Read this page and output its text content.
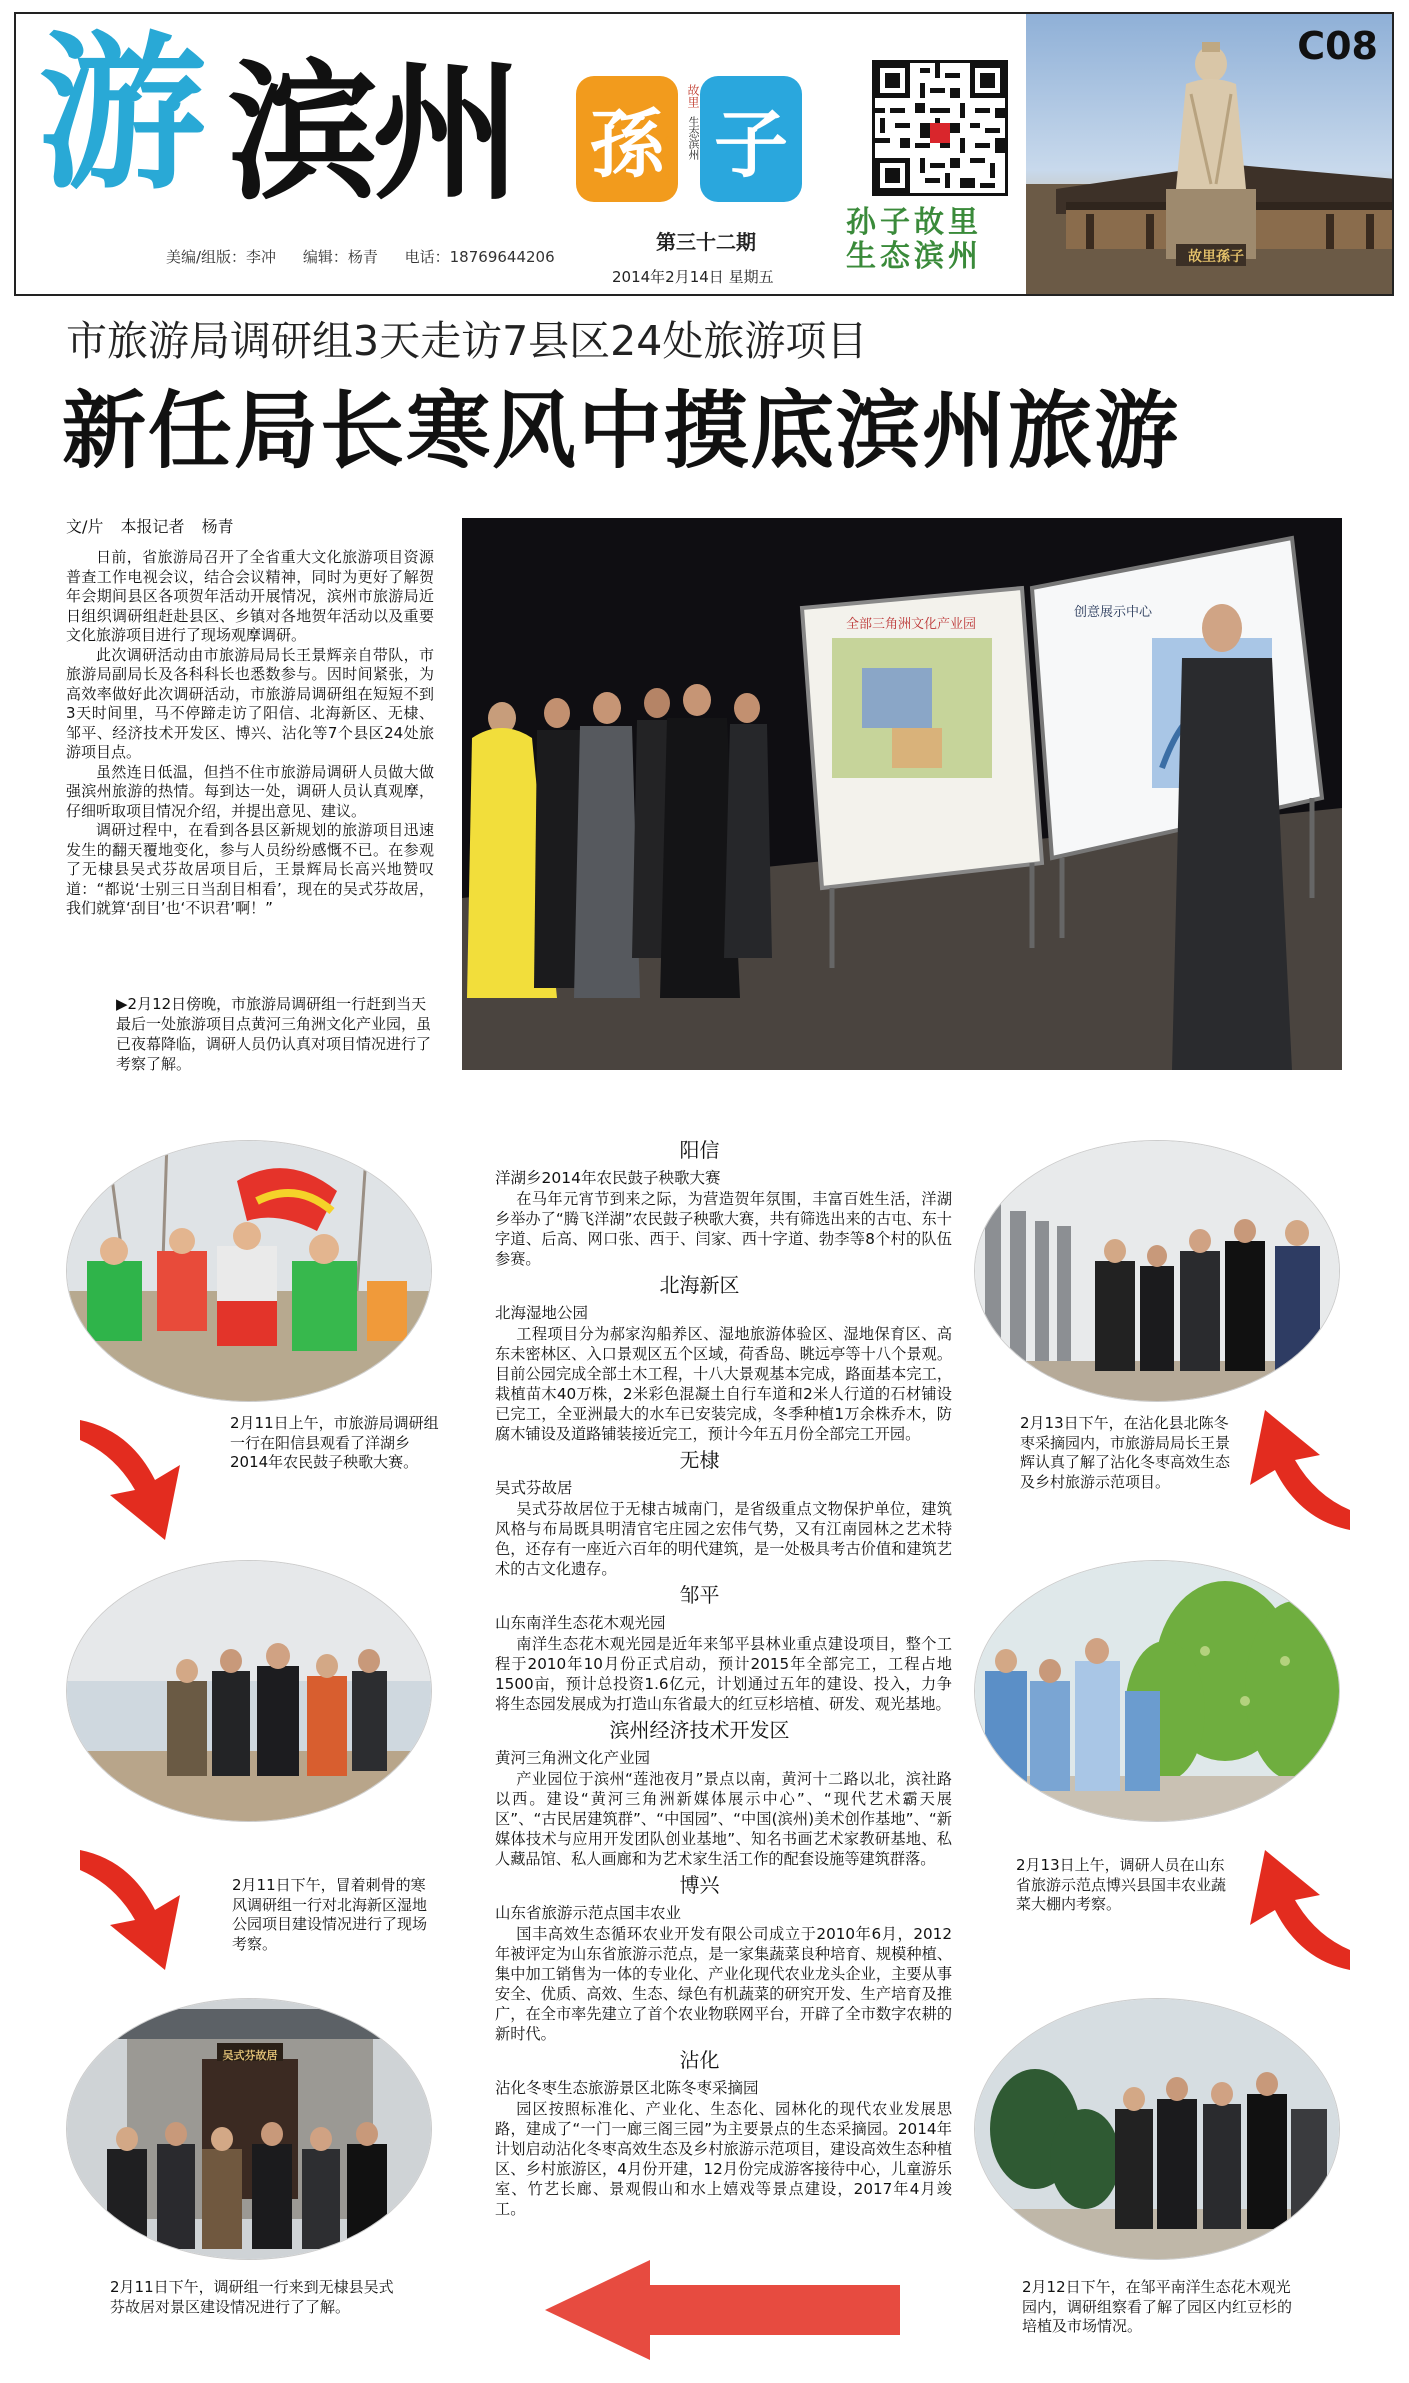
游 滨州
美编/组版：李冲 编辑：杨青 电话：18769644206
孫 子
故里
生态滨州
Original
第三十二期
2014年2月14日 星期五
孙子故里
生态滨州	故里孫子
C08
市旅游局调研组3天走访7县区24处旅游项目
新任局长寒风中摸底滨州旅游
文/片 本报记者 杨青

日前，省旅游局召开了全省重大文化旅游项目资源普查工作电视会议，结合会议精神，同时为更好了解贺年会期间县区各项贺年活动开展情况，滨州市旅游局近日组织调研组赶赴县区、乡镇对各地贺年活动以及重要文化旅游项目进行了现场观摩调研。

此次调研活动由市旅游局局长王景辉亲自带队，市旅游局副局长及各科科长也悉数参与。因时间紧张，为高效率做好此次调研活动，市旅游局调研组在短短不到3天时间里，马不停蹄走访了阳信、北海新区、无棣、邹平、经济技术开发区、博兴、沾化等7个县区24处旅游项目点。

虽然连日低温，但挡不住市旅游局调研人员做大做强滨州旅游的热情。每到达一处，调研人员认真观摩，仔细听取项目情况介绍，并提出意见、建议。

调研过程中，在看到各县区新规划的旅游项目迅速发生的翻天覆地变化，参与人员纷纷感慨不已。在参观了无棣县吴式芬故居项目后，王景辉局长高兴地赞叹道：“都说‘士别三日当刮目相看’，现在的吴式芬故居，我们就算‘刮目’也‘不识君’啊！”

▶2月12日傍晚，市旅游局调研组一行赶到当天最后一处旅游项目点黄河三角洲文化产业园，虽已夜幕降临，调研人员仍认真对项目情况进行了考察了解。
全部三角洲文化产业园
创意展示中心
阳信
洋湖乡2014年农民鼓子秧歌大赛
在马年元宵节到来之际，为营造贺年氛围，丰富百姓生活，洋湖乡举办了“腾飞洋湖”农民鼓子秧歌大赛，共有筛选出来的古屯、东十字道、后高、网口张、西于、闫家、西十字道、勃李等8个村的队伍参赛。
北海新区
北海湿地公园
工程项目分为郝家沟船养区、湿地旅游体验区、湿地保育区、高东未密林区、入口景观区五个区域，荷香岛、眺远亭等十八个景观。目前公园完成全部土木工程，十八大景观基本完成，路面基本完工，栽植苗木40万株，2米彩色混凝土自行车道和2米人行道的石材铺设已完工，全亚洲最大的水车已安装完成，冬季种植1万余株乔木，防腐木铺设及道路铺装接近完工，预计今年五月份全部完工开园。
无棣
吴式芬故居
吴式芬故居位于无棣古城南门，是省级重点文物保护单位，建筑风格与布局既具明清官宅庄园之宏伟气势，又有江南园林之艺术特色，还存有一座近六百年的明代建筑，是一处极具考古价值和建筑艺术的古文化遗存。
邹平
山东南洋生态花木观光园
南洋生态花木观光园是近年来邹平县林业重点建设项目，整个工程于2010年10月份正式启动，预计2015年全部完工，工程占地1500亩，预计总投资1.6亿元，计划通过五年的建设、投入，力争将生态园发展成为打造山东省最大的红豆杉培植、研发、观光基地。
滨州经济技术开发区
黄河三角洲文化产业园
产业园位于滨州“莲池夜月”景点以南，黄河十二路以北，滨社路以西。建设“黄河三角洲新媒体展示中心”、“现代艺术霸天展区”、“古民居建筑群”、“中国园”、“中国(滨州)美术创作基地”、“新媒体技术与应用开发团队创业基地”、知名书画艺术家教研基地、私人藏品馆、私人画廊和为艺术家生活工作的配套设施等建筑群落。
博兴
山东省旅游示范点国丰农业
国丰高效生态循环农业开发有限公司成立于2010年6月，2012年被评定为山东省旅游示范点，是一家集蔬菜良种培育、规模种植、集中加工销售为一体的专业化、产业化现代农业龙头企业，主要从事安全、优质、高效、生态、绿色有机蔬菜的研究开发、生产培育及推广，在全市率先建立了首个农业物联网平台，开辟了全市数字农耕的新时代。
沾化
沾化冬枣生态旅游景区北陈冬枣采摘园
园区按照标准化、产业化、生态化、园林化的现代农业发展思路，建成了“一门一廊三阁三园”为主要景点的生态采摘园。2014年计划启动沾化冬枣高效生态及乡村旅游示范项目，建设高效生态种植区、乡村旅游区，4月份开建，12月份完成游客接待中心，儿童游乐室、竹艺长廊、景观假山和水上嬉戏等景点建设，2017年4月竣工。
2月11日上午，市旅游局调研组一行在阳信县观看了洋湖乡2014年农民鼓子秧歌大赛。
2月11日下午，冒着刺骨的寒风调研组一行对北海新区湿地公园项目建设情况进行了现场考察。
吴式芬故居
2月11日下午，调研组一行来到无棣县吴式芬故居对景区建设情况进行了了解。
2月13日下午，在沾化县北陈冬枣采摘园内，市旅游局局长王景辉认真了解了沾化冬枣高效生态及乡村旅游示范项目。
2月13日上午，调研人员在山东省旅游示范点博兴县国丰农业蔬菜大棚内考察。
2月12日下午，在邹平南洋生态花木观光园内，调研组察看了解了园区内红豆杉的培植及市场情况。
